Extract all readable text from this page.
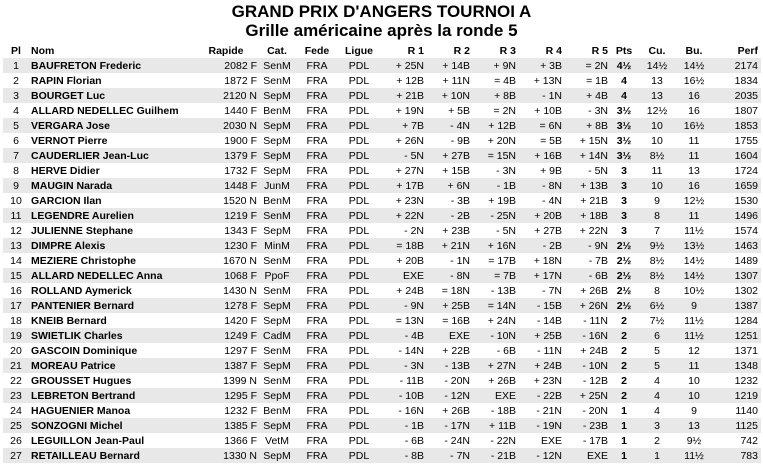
GRAND PRIX D'ANGERS TOURNOI A
Grille américaine après la ronde 5
Pl	Nom	Rapide	Cat.	Fede	Ligue	R 1	R 2	R 3	R 4	R 5	Pts	Cu.	Bu.	Perf
1	BAUFRETON Frederic	2082 F	SenM	FRA	PDL	+ 25N	+ 14B	+ 9N	+ 3B	= 2N	4½	14½	14½	2174
2	RAPIN Florian	1872 F	SenM	FRA	PDL	+ 12B	+ 11N	= 4B	+ 13N	= 1B	4	13	16½	1834
3	BOURGET Luc	2120 N	SepM	FRA	PDL	+ 21B	+ 10N	+ 8B	- 1N	+ 4B	4	13	16	2035
4	ALLARD NEDELLEC Guilhem	1440 F	BenM	FRA	PDL	+ 19N	+ 5B	= 2N	+ 10B	- 3N	3½	12½	16	1807
5	VERGARA Jose	2030 N	SepM	FRA	PDL	+ 7B	- 4N	+ 12B	= 6N	+ 8B	3½	10	16½	1853
6	VERNOT Pierre	1900 F	SepM	FRA	PDL	+ 26N	- 9B	+ 20N	= 5B	+ 15N	3½	10	11	1755
7	CAUDERLIER Jean-Luc	1379 F	SepM	FRA	PDL	- 5N	+ 27B	= 15N	+ 16B	+ 14N	3½	8½	11	1604
8	HERVE Didier	1732 F	SepM	FRA	PDL	+ 27N	+ 15B	- 3N	+ 9B	- 5N	3	11	13	1724
9	MAUGIN Narada	1448 F	JunM	FRA	PDL	+ 17B	+ 6N	- 1B	- 8N	+ 13B	3	10	16	1659
10	GARCION Ilan	1520 N	BenM	FRA	PDL	+ 23N	- 3B	+ 19B	- 4N	+ 21B	3	9	12½	1530
11	LEGENDRE Aurelien	1219 F	SenM	FRA	PDL	+ 22N	- 2B	- 25N	+ 20B	+ 18B	3	8	11	1496
12	JULIENNE Stephane	1343 F	SepM	FRA	PDL	- 2N	+ 23B	- 5N	+ 27B	+ 22N	3	7	11½	1574
13	DIMPRE Alexis	1230 F	MinM	FRA	PDL	= 18B	+ 21N	+ 16N	- 2B	- 9N	2½	9½	13½	1463
14	MEZIERE Christophe	1670 N	SenM	FRA	PDL	+ 20B	- 1N	= 17B	+ 18N	- 7B	2½	8½	14½	1489
15	ALLARD NEDELLEC Anna	1068 F	PpoF	FRA	PDL	EXE	- 8N	= 7B	+ 17N	- 6B	2½	8½	14½	1307
16	ROLLAND Aymerick	1430 N	SenM	FRA	PDL	+ 24B	= 18N	- 13B	- 7N	+ 26B	2½	8	10½	1302
17	PANTENIER Bernard	1278 F	SepM	FRA	PDL	- 9N	+ 25B	= 14N	- 15B	+ 26N	2½	6½	9	1387
18	KNEIB Bernard	1420 F	SepM	FRA	PDL	= 13N	= 16B	+ 24N	- 14B	- 11N	2	7½	11½	1284
19	SWIETLIK Charles	1249 F	CadM	FRA	PDL	- 4B	EXE	- 10N	+ 25B	- 16N	2	6	11½	1251
20	GASCOIN Dominique	1297 F	SenM	FRA	PDL	- 14N	+ 22B	- 6B	- 11N	+ 24B	2	5	12	1371
21	MOREAU Patrice	1387 F	SepM	FRA	PDL	- 3N	- 13B	+ 27N	+ 24B	- 10N	2	5	11	1348
22	GROUSSET Hugues	1399 N	SenM	FRA	PDL	- 11B	- 20N	+ 26B	+ 23N	- 12B	2	4	10	1232
23	LEBRETON Bertrand	1295 F	SepM	FRA	PDL	- 10B	- 12N	EXE	- 22B	+ 25N	2	4	10	1219
24	HAGUENIER Manoa	1232 F	BenM	FRA	PDL	- 16N	+ 26B	- 18B	- 21N	- 20N	1	4	9	1140
25	SONZOGNI Michel	1385 F	SepM	FRA	PDL	- 1B	- 17N	+ 11B	- 19N	- 23B	1	3	13	1125
26	LEGUILLON Jean-Paul	1366 F	VetM	FRA	PDL	- 6B	- 24N	- 22N	EXE	- 17B	1	2	9½	742
27	RETAILLEAU Bernard	1330 N	SepM	FRA	PDL	- 8B	- 7N	- 21B	- 12N	EXE	1	1	11½	783
